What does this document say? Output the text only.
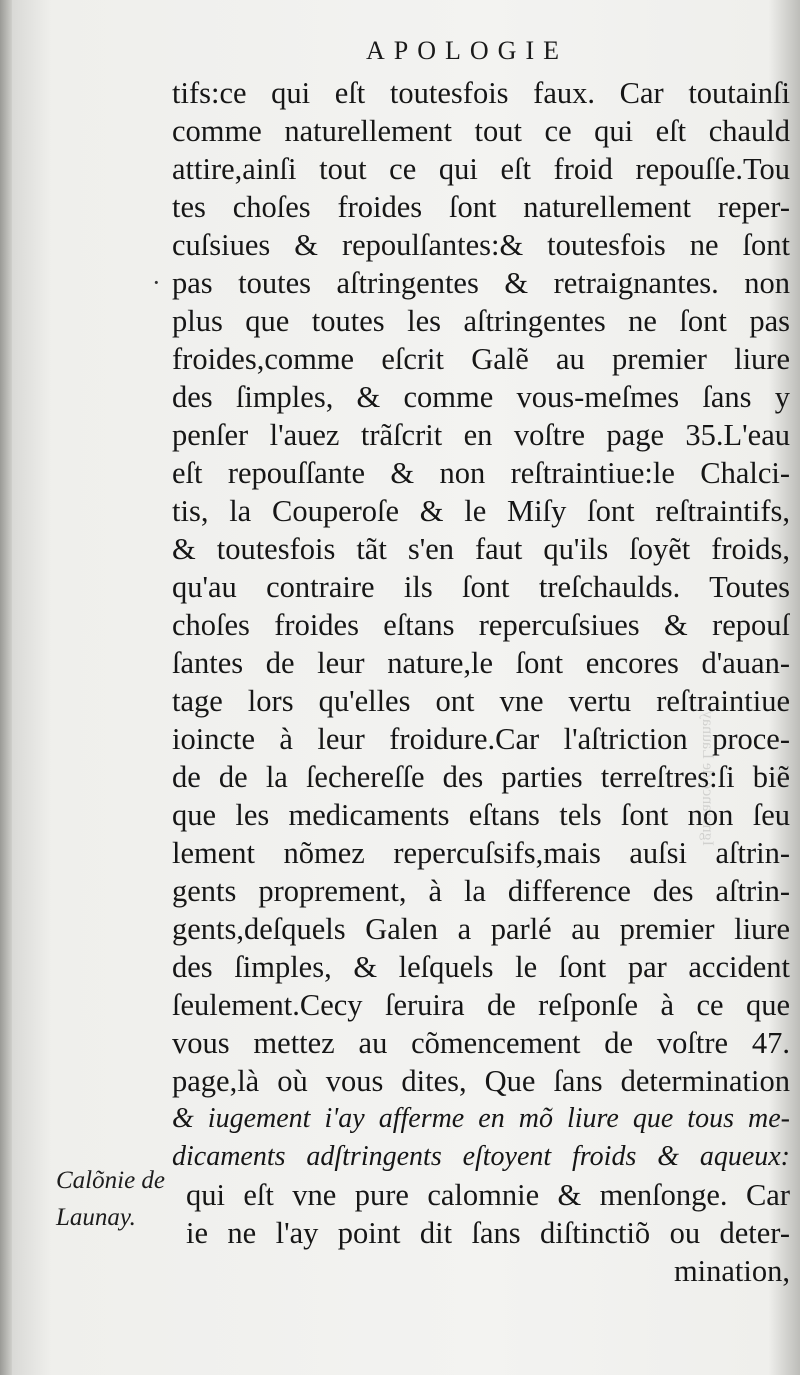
APOLOGIE
·
tifs:ce qui eſt toutesfois faux. Car toutainſi
comme naturellement tout ce qui eſt chauld
attire,ainſi tout ce qui eſt froid repouſſe.Tou
tes choſes froides ſont naturellement reper-
cuſsiues & repoulſantes:& toutesfois ne ſont
pas toutes aſtringentes & retraignantes. non
plus que toutes les aſtringentes ne ſont pas
froides,comme eſcrit Galẽ au premier liure
des ſimples, & comme vous-meſmes ſans y
penſer l'auez trãſcrit en voſtre page 35.L'eau
eſt repouſſante & non reſtraintiue:le Chalci-
tis, la Couperoſe & le Miſy ſont reſtraintifs,
& toutesfois tãt s'en faut qu'ils ſoyẽt froids,
qu'au contraire ils ſont treſchaulds. Toutes
choſes froides eſtans repercuſsiues & repouſ
ſantes de leur nature,le ſont encores d'auan-
tage lors qu'elles ont vne vertu reſtraintiue
ioincte à leur froidure.Car l'aſtriction proce-
de de la ſechereſſe des parties terreſtres:ſi biẽ
que les medicaments eſtans tels ſont non ſeu
lement nõmez repercuſsifs,mais auſsi aſtrin-
gents proprement, à la difference des aſtrin-
gents,deſquels Galen a parlé au premier liure
des ſimples, & leſquels le ſont par accident
ſeulement.Cecy ſeruira de reſponſe à ce que
vous mettez au cõmencement de voſtre 47.
page,là où vous dites, Que ſans determination
& iugement i'ay afferme en mõ liure que tous me-
dicaments adſtringents eſtoyent froids & aqueux:
qui eſt vne pure calomnie & menſonge. Car
ie ne l'ay point dit ſans diſtinctiõ ou deter-
mination,
Calõnie de
Launay.
